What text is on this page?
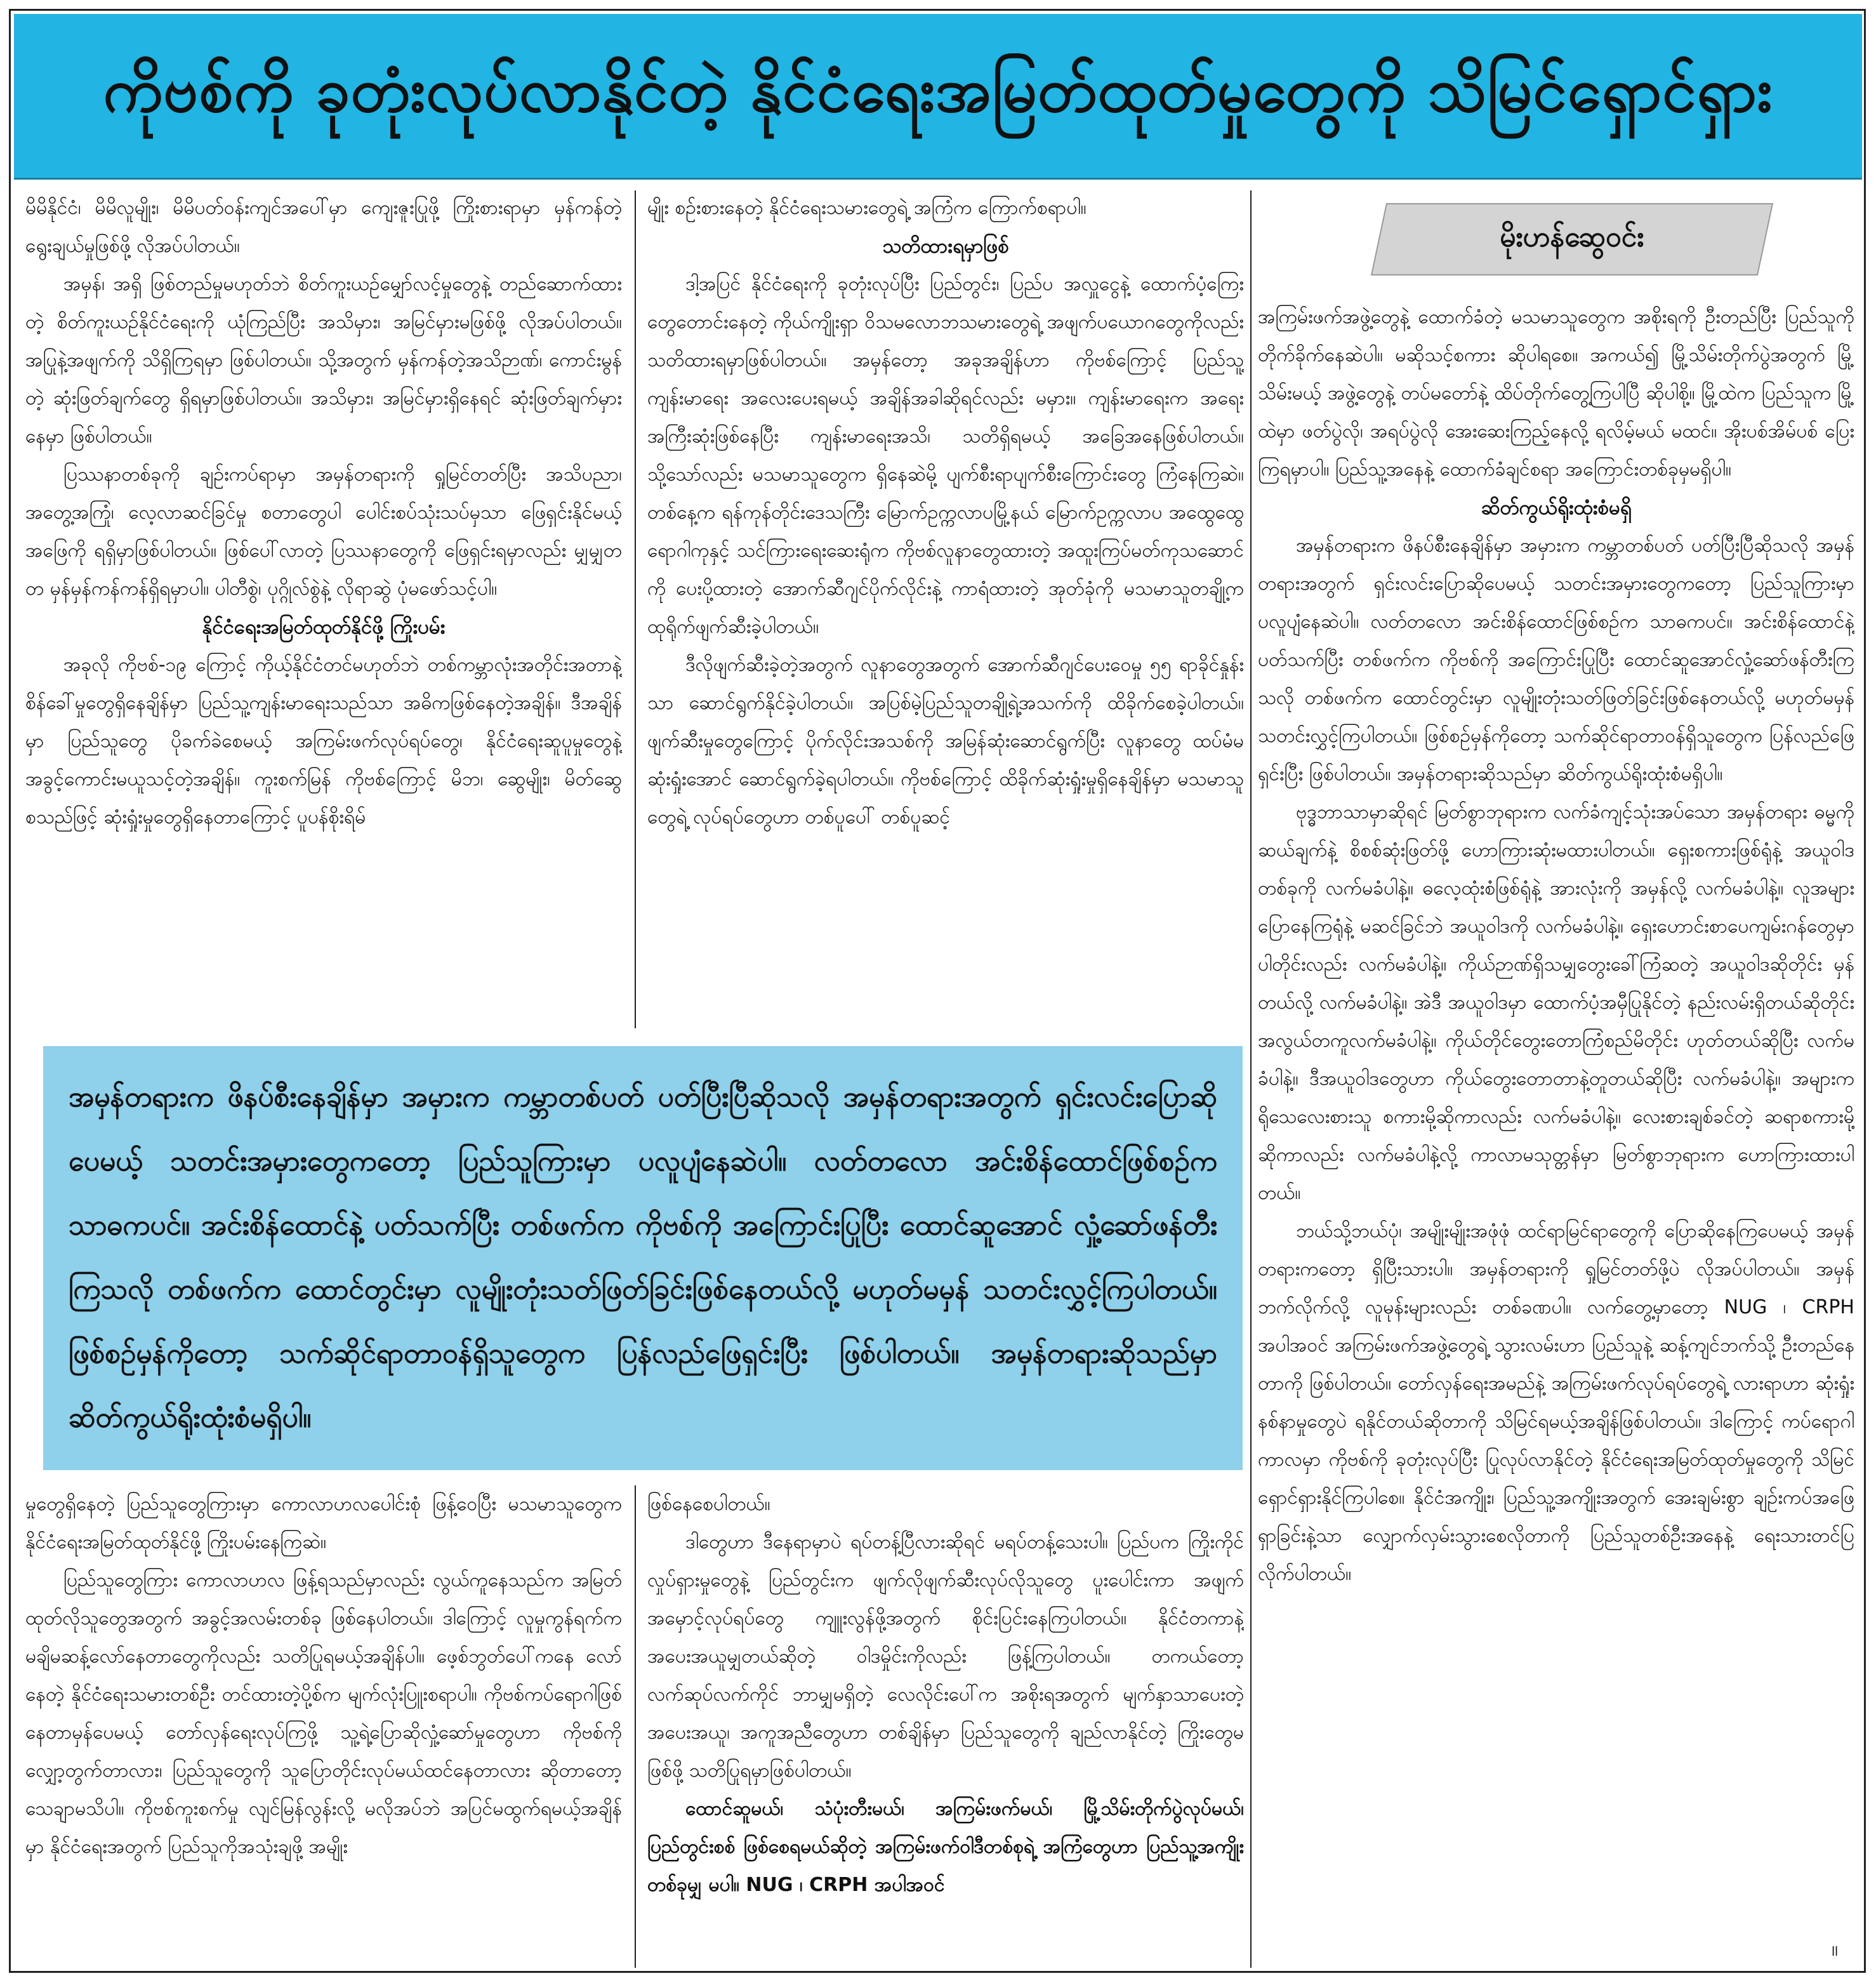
ကိုဗစ်ကို ခုတုံးလုပ်လာနိုင်တဲ့ နိုင်ငံရေးအမြတ်ထုတ်မှုတွေကို သိမြင်ရှောင်ရှား

မိမိနိုင်ငံ၊ မိမိလူမျိုး၊ မိမိပတ်ဝန်းကျင်အပေါ်မှာ ကျေးဇူးပြုဖို့ ကြိုးစားရာမှာ မှန်ကန်တဲ့ရွေးချယ်မှုဖြစ်ဖို့ လိုအပ်ပါတယ်။

အမှန်၊ အရှိ ဖြစ်တည်မှုမဟုတ်ဘဲ စိတ်ကူးယဉ်မျှော်လင့်မှုတွေနဲ့ တည်ဆောက်ထားတဲ့ စိတ်ကူးယဉ်နိုင်ငံရေးကို ယုံကြည်ပြီး အသိမှား၊ အမြင်မှားမဖြစ်ဖို့ လိုအပ်ပါတယ်။ အပြုနဲ့အဖျက်ကို သိရှိကြရမှာ ဖြစ်ပါတယ်။ သို့အတွက် မှန်ကန်တဲ့အသိဉာဏ်၊ ကောင်းမွန်တဲ့ ဆုံးဖြတ်ချက်တွေ ရှိရမှာဖြစ်ပါတယ်။ အသိမှား၊ အမြင်မှားရှိနေရင် ဆုံးဖြတ်ချက်မှားနေမှာ ဖြစ်ပါတယ်။

ပြဿနာတစ်ခုကို ချဉ်းကပ်ရာမှာ အမှန်တရားကို ရှုမြင်တတ်ပြီး အသိပညာ၊ အတွေ့အကြုံ၊ လေ့လာဆင်ခြင်မှု စတာတွေပါ ပေါင်းစပ်သုံးသပ်မှသာ ဖြေရှင်းနိုင်မယ့်အဖြေကို ရရှိမှာဖြစ်ပါတယ်။ ဖြစ်ပေါ်လာတဲ့ ပြဿနာတွေကို ဖြေရှင်းရမှာလည်း မျှမျှတတ မှန်မှန်ကန်ကန်ရှိရမှာပါ။ ပါတီစွဲ၊ ပုဂ္ဂိုလ်စွဲနဲ့ လိုရာဆွဲ ပုံမဖော်သင့်ပါ။

နိုင်ငံရေးအမြတ်ထုတ်နိုင်ဖို့ ကြိုးပမ်း

အခုလို ကိုဗစ်-၁၉ ကြောင့် ကိုယ့်နိုင်ငံတင်မဟုတ်ဘဲ တစ်ကမ္ဘာလုံးအတိုင်းအတာနဲ့ စိန်ခေါ်မှုတွေရှိနေချိန်မှာ ပြည်သူ့ကျန်းမာရေးသည်သာ အဓိကဖြစ်နေတဲ့အချိန်။ ဒီအချိန်မှာ ပြည်သူတွေ ပိုခက်ခဲစေမယ့် အကြမ်းဖက်လုပ်ရပ်တွေ၊ နိုင်ငံရေးဆူပူမှုတွေနဲ့ အခွင့်ကောင်းမယူသင့်တဲ့အချိန်။ ကူးစက်မြန် ကိုဗစ်ကြောင့် မိဘ၊ ဆွေမျိုး၊ မိတ်ဆွေ စသည်ဖြင့် ဆုံးရှုံးမှုတွေရှိနေတာကြောင့် ပူပန်စိုးရိမ်

မျိုး စဉ်းစားနေတဲ့ နိုင်ငံရေးသမားတွေရဲ့ အကြံက ကြောက်စရာပါ။

သတိထားရမှာဖြစ်

ဒါ့အပြင် နိုင်ငံရေးကို ခုတုံးလုပ်ပြီး ပြည်တွင်း၊ ပြည်ပ အလှူငွေနဲ့ ထောက်ပံ့ကြေးတွေတောင်းနေတဲ့ ကိုယ်ကျိုးရှာ ဝိသမလောဘသမားတွေရဲ့ အဖျက်ပယောဂတွေကိုလည်း သတိထားရမှာဖြစ်ပါတယ်။ အမှန်တော့ အခုအချိန်ဟာ ကိုဗစ်ကြောင့် ပြည်သူ့ကျန်းမာရေး အလေးပေးရမယ့် အချိန်အခါဆိုရင်လည်း မမှား။ ကျန်းမာရေးက အရေးအကြီးဆုံးဖြစ်နေပြီး ကျန်းမာရေးအသိ၊ သတိရှိရမယ့် အခြေအနေဖြစ်ပါတယ်။ သို့သော်လည်း မသမာသူတွေက ရှိနေဆဲမို့ ပျက်စီးရာပျက်စီးကြောင်းတွေ ကြံနေကြဆဲ။ တစ်နေ့က ရန်ကုန်တိုင်းဒေသကြီး မြောက်ဥက္ကလာပမြို့နယ် မြောက်ဥက္ကလာပ အထွေထွေရောဂါကုနှင့် သင်ကြားရေးဆေးရုံက ကိုဗစ်လူနာတွေထားတဲ့ အထူးကြပ်မတ်ကုသဆောင်ကို ပေးပို့ထားတဲ့ အောက်ဆီဂျင်ပိုက်လိုင်းနဲ့ ကာရံထားတဲ့ အုတ်ခုံကို မသမာသူတချို့က ထုရိုက်ဖျက်ဆီးခဲ့ပါတယ်။

ဒီလိုဖျက်ဆီးခဲ့တဲ့အတွက် လူနာတွေအတွက် အောက်ဆီဂျင်ပေးဝေမှု ၅၅ ရာခိုင်နှုန်းသာ ဆောင်ရွက်နိုင်ခဲ့ပါတယ်။ အပြစ်မဲ့ပြည်သူတချို့ရဲ့အသက်ကို ထိခိုက်စေခဲ့ပါတယ်။ ဖျက်ဆီးမှုတွေကြောင့် ပိုက်လိုင်းအသစ်ကို အမြန်ဆုံးဆောင်ရွက်ပြီး လူနာတွေ ထပ်မံမဆုံးရှုံးအောင် ဆောင်ရွက်ခဲ့ရပါတယ်။ ကိုဗစ်ကြောင့် ထိခိုက်ဆုံးရှုံးမှုရှိနေချိန်မှာ မသမာသူတွေရဲ့ လုပ်ရပ်တွေဟာ တစ်ပူပေါ် တစ်ပူဆင့်

မိုးဟန်ဆွေဝင်း

အကြမ်းဖက်အဖွဲ့တွေနဲ့ ထောက်ခံတဲ့ မသမာသူတွေက အစိုးရကို ဦးတည်ပြီး ပြည်သူကို တိုက်ခိုက်နေဆဲပါ။ မဆိုသင့်စကား ဆိုပါရစေ။ အကယ်၍ မြို့သိမ်းတိုက်ပွဲအတွက် မြို့သိမ်းမယ့် အဖွဲ့တွေနဲ့ တပ်မတော်နဲ့ ထိပ်တိုက်တွေ့ကြပါပြီ ဆိုပါစို့။ မြို့ထဲက ပြည်သူက မြို့ထဲမှာ ဖတ်ပွဲလို၊ အရပ်ပွဲလို အေးဆေးကြည့်နေလို့ ရလိမ့်မယ် မထင်။ အိုးပစ်အိမ်ပစ် ပြေးကြရမှာပါ။ ပြည်သူ့အနေနဲ့ ထောက်ခံချင်စရာ အကြောင်းတစ်ခုမှမရှိပါ။

ဆိတ်ကွယ်ရိုးထုံးစံမရှိ

အမှန်တရားက ဖိနပ်စီးနေချိန်မှာ အမှားက ကမ္ဘာတစ်ပတ် ပတ်ပြီးပြီဆိုသလို အမှန်တရားအတွက် ရှင်းလင်းပြောဆိုပေမယ့် သတင်းအမှားတွေကတော့ ပြည်သူကြားမှာ ပလူပျံနေဆဲပါ။ လတ်တလော အင်းစိန်ထောင်ဖြစ်စဉ်က သာဓကပင်။ အင်းစိန်ထောင်နဲ့ ပတ်သက်ပြီး တစ်ဖက်က ကိုဗစ်ကို အကြောင်းပြုပြီး ထောင်ဆူအောင်လှုံ့ဆော်ဖန်တီးကြသလို တစ်ဖက်က ထောင်တွင်းမှာ လူမျိုးတုံးသတ်ဖြတ်ခြင်းဖြစ်နေတယ်လို့ မဟုတ်မမှန် သတင်းလွှင့်ကြပါတယ်။ ဖြစ်စဉ်မှန်ကိုတော့ သက်ဆိုင်ရာတာဝန်ရှိသူတွေက ပြန်လည်ဖြေရှင်းပြီး ဖြစ်ပါတယ်။ အမှန်တရားဆိုသည်မှာ ဆိတ်ကွယ်ရိုးထုံးစံမရှိပါ။

ဗုဒ္ဓဘာသာမှာဆိုရင် မြတ်စွာဘုရားက လက်ခံကျင့်သုံးအပ်သော အမှန်တရား ဓမ္မကို ဆယ်ချက်နဲ့ စိစစ်ဆုံးဖြတ်ဖို့ ဟောကြားဆုံးမထားပါတယ်။ ရှေးစကားဖြစ်ရုံနဲ့ အယူဝါဒတစ်ခုကို လက်မခံပါနဲ့။ ဓလေ့ထုံးစံဖြစ်ရုံနဲ့ အားလုံးကို အမှန်လို့ လက်မခံပါနဲ့။ လူအများပြောနေကြရုံနဲ့ မဆင်ခြင်ဘဲ အယူဝါဒကို လက်မခံပါနဲ့။ ရှေးဟောင်းစာပေကျမ်းဂန်တွေမှာ ပါတိုင်းလည်း လက်မခံပါနဲ့။ ကိုယ်ဉာဏ်ရှိသမျှတွေးခေါ်ကြံဆတဲ့ အယူဝါဒဆိုတိုင်း မှန်တယ်လို့ လက်မခံပါနဲ့။ အဲဒီ အယူဝါဒမှာ ထောက်ပံ့အမှီပြုနိုင်တဲ့ နည်းလမ်းရှိတယ်ဆိုတိုင်း အလွယ်တကူလက်မခံပါနဲ့။ ကိုယ်တိုင်တွေးတောကြံစည်မိတိုင်း ဟုတ်တယ်ဆိုပြီး လက်မခံပါနဲ့။ ဒီအယူဝါဒတွေဟာ ကိုယ်တွေးတောတာနဲ့တူတယ်ဆိုပြီး လက်မခံပါနဲ့။ အများက ရိုသေလေးစားသူ စကားမို့ဆိုကာလည်း လက်မခံပါနဲ့။ လေးစားချစ်ခင်တဲ့ ဆရာစကားမို့ ဆိုကာလည်း လက်မခံပါနဲ့လို့ ကာလာမသုတ္တန်မှာ မြတ်စွာဘုရားက ဟောကြားထားပါတယ်။

ဘယ်သို့ဘယ်ပုံ၊ အမျိုးမျိုးအဖုံဖုံ ထင်ရာမြင်ရာတွေကို ပြောဆိုနေကြပေမယ့် အမှန်တရားကတော့ ရှိပြီးသားပါ။ အမှန်တရားကို ရှုမြင်တတ်ဖို့ပဲ လိုအပ်ပါတယ်။ အမှန်ဘက်လိုက်လို့ လူမုန်းများလည်း တစ်ခဏပါ။ လက်တွေ့မှာတော့ NUG ၊ CRPH အပါအဝင် အကြမ်းဖက်အဖွဲ့တွေရဲ့ သွားလမ်းဟာ ပြည်သူနဲ့ ဆန့်ကျင်ဘက်သို့ ဦးတည်နေတာကို ဖြစ်ပါတယ်။ တော်လှန်ရေးအမည်နဲ့ အကြမ်းဖက်လုပ်ရပ်တွေရဲ့ လားရာဟာ ဆုံးရှုံးနစ်နာမှုတွေပဲ ရနိုင်တယ်ဆိုတာကို သိမြင်ရမယ့်အချိန်ဖြစ်ပါတယ်။ ဒါကြောင့် ကပ်ရောဂါကာလမှာ ကိုဗစ်ကို ခုတုံးလုပ်ပြီး ပြုလုပ်လာနိုင်တဲ့ နိုင်ငံရေးအမြတ်ထုတ်မှုတွေကို သိမြင်ရှောင်ရှားနိုင်ကြပါစေ။ နိုင်ငံအကျိုး၊ ပြည်သူ့အကျိုးအတွက် အေးချမ်းစွာ ချဉ်းကပ်အဖြေရှာခြင်းနဲ့သာ လျှောက်လှမ်းသွားစေလိုတာကို ပြည်သူတစ်ဦးအနေနဲ့ ရေးသားတင်ပြလိုက်ပါတယ်။

။
အမှန်တရားက ဖိနပ်စီးနေချိန်မှာ အမှားက ကမ္ဘာတစ်ပတ် ပတ်ပြီးပြီဆိုသလို အမှန်တရားအတွက် ရှင်းလင်းပြောဆိုပေမယ့် သတင်းအမှားတွေကတော့ ပြည်သူကြားမှာ ပလူပျံနေဆဲပါ။ လတ်တလော အင်းစိန်ထောင်ဖြစ်စဉ်က သာဓကပင်။ အင်းစိန်ထောင်နဲ့ ပတ်သက်ပြီး တစ်ဖက်က ကိုဗစ်ကို အကြောင်းပြုပြီး ထောင်ဆူအောင် လှုံ့ဆော်ဖန်တီးကြသလို တစ်ဖက်က ထောင်တွင်းမှာ လူမျိုးတုံးသတ်ဖြတ်ခြင်းဖြစ်နေတယ်လို့ မဟုတ်မမှန် သတင်းလွှင့်ကြပါတယ်။ ဖြစ်စဉ်မှန်ကိုတော့ သက်ဆိုင်ရာတာဝန်ရှိသူတွေက ပြန်လည်ဖြေရှင်းပြီး ဖြစ်ပါတယ်။ အမှန်တရားဆိုသည်မှာ ဆိတ်ကွယ်ရိုးထုံးစံမရှိပါ။

မှုတွေရှိနေတဲ့ ပြည်သူတွေကြားမှာ ကောလာဟလပေါင်းစုံ ဖြန့်ဝေပြီး မသမာသူတွေက နိုင်ငံရေးအမြတ်ထုတ်နိုင်ဖို့ ကြိုးပမ်းနေကြဆဲ။

ပြည်သူတွေကြား ကောလာဟလ ဖြန့်ရသည်မှာလည်း လွယ်ကူနေသည်က အမြတ်ထုတ်လိုသူတွေအတွက် အခွင့်အလမ်းတစ်ခု ဖြစ်နေပါတယ်။ ဒါကြောင့် လူမှုကွန်ရက်က မချိမဆန့်လော်နေတာတွေကိုလည်း သတိပြုရမယ့်အချိန်ပါ။ ဖေ့စ်ဘွတ်ပေါ်ကနေ လော်နေတဲ့ နိုင်ငံရေးသမားတစ်ဦး တင်ထားတဲ့ပို့စ်က မျက်လုံးပြူးစရာပါ။ ကိုဗစ်ကပ်ရောဂါဖြစ်နေတာမှန်ပေမယ့် တော်လှန်ရေးလုပ်ကြဖို့ သူ့ရဲ့ပြောဆိုလှုံ့ဆော်မှုတွေဟာ ကိုဗစ်ကို လျှော့တွက်တာလား၊ ပြည်သူတွေကို သူပြောတိုင်းလုပ်မယ်ထင်နေတာလား ဆိုတာတော့ သေချာမသိပါ။ ကိုဗစ်ကူးစက်မှု လျင်မြန်လွန်းလို့ မလိုအပ်ဘဲ အပြင်မထွက်ရမယ့်အချိန်မှာ နိုင်ငံရေးအတွက် ပြည်သူကိုအသုံးချဖို့ အမျိုး

ဖြစ်နေစေပါတယ်။

ဒါတွေဟာ ဒီနေရာမှာပဲ ရပ်တန့်ပြီလားဆိုရင် မရပ်တန့်သေးပါ။ ပြည်ပက ကြိုးကိုင်လှုပ်ရှားမှုတွေနဲ့ ပြည်တွင်းက ဖျက်လိုဖျက်ဆီးလုပ်လိုသူတွေ ပူးပေါင်းကာ အဖျက်အမှောင့်လုပ်ရပ်တွေ ကျူးလွန်ဖို့အတွက် စိုင်းပြင်းနေကြပါတယ်။ နိုင်ငံတကာနဲ့ အပေးအယူမျှတယ်ဆိုတဲ့ ဝါဒမှိုင်းကိုလည်း ဖြန့်ကြပါတယ်။ တကယ်တော့ လက်ဆုပ်လက်ကိုင် ဘာမျှမရှိတဲ့ လေလိုင်းပေါ်က အစိုးရအတွက် မျက်နှာသာပေးတဲ့ အပေးအယူ၊ အကူအညီတွေဟာ တစ်ချိန်မှာ ပြည်သူတွေကို ချည်လာနိုင်တဲ့ ကြိုးတွေမဖြစ်ဖို့ သတိပြုရမှာဖြစ်ပါတယ်။

ထောင်ဆူမယ်၊ သံပုံးတီးမယ်၊ အကြမ်းဖက်မယ်၊ မြို့သိမ်းတိုက်ပွဲလုပ်မယ်၊ ပြည်တွင်းစစ် ဖြစ်စေရမယ်ဆိုတဲ့ အကြမ်းဖက်ဝါဒီတစ်စုရဲ့ အကြံတွေဟာ ပြည်သူ့အကျိုး တစ်ခုမျှ မပါ။ NUG ၊ CRPH အပါအဝင်
